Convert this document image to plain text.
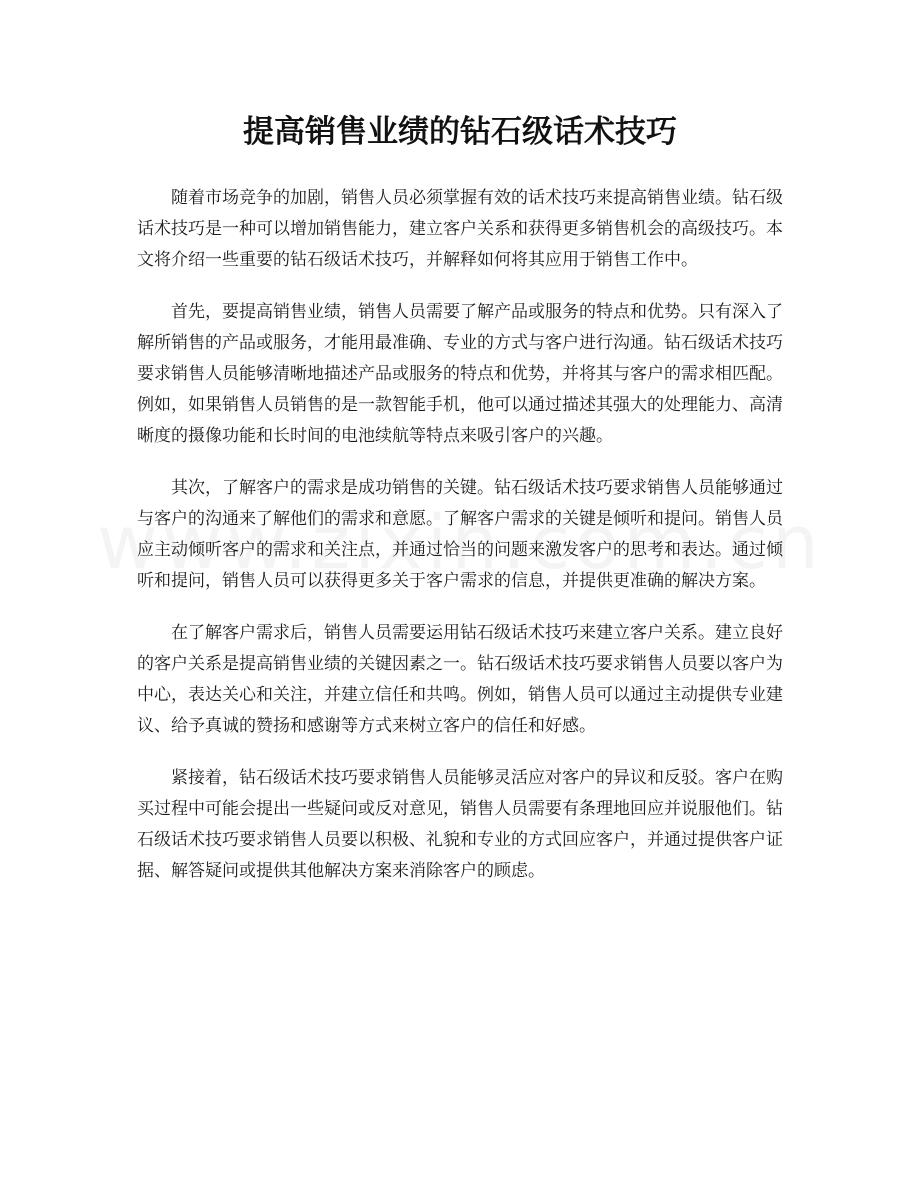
提高销售业绩的钻石级话术技巧

随着市场竞争的加剧，销售人员必须掌握有效的话术技巧来提高销售业绩。钻石级话术技巧是一种可以增加销售能力，建立客户关系和获得更多销售机会的高级技巧。本文将介绍一些重要的钻石级话术技巧，并解释如何将其应用于销售工作中。

首先，要提高销售业绩，销售人员需要了解产品或服务的特点和优势。只有深入了解所销售的产品或服务，才能用最准确、专业的方式与客户进行沟通。钻石级话术技巧要求销售人员能够清晰地描述产品或服务的特点和优势，并将其与客户的需求相匹配。例如，如果销售人员销售的是一款智能手机，他可以通过描述其强大的处理能力、高清晰度的摄像功能和长时间的电池续航等特点来吸引客户的兴趣。

其次，了解客户的需求是成功销售的关键。钻石级话术技巧要求销售人员能够通过与客户的沟通来了解他们的需求和意愿。了解客户需求的关键是倾听和提问。销售人员应主动倾听客户的需求和关注点，并通过恰当的问题来激发客户的思考和表达。通过倾听和提问，销售人员可以获得更多关于客户需求的信息，并提供更准确的解决方案。

在了解客户需求后，销售人员需要运用钻石级话术技巧来建立客户关系。建立良好的客户关系是提高销售业绩的关键因素之一。钻石级话术技巧要求销售人员要以客户为中心，表达关心和关注，并建立信任和共鸣。例如，销售人员可以通过主动提供专业建议、给予真诚的赞扬和感谢等方式来树立客户的信任和好感。

紧接着，钻石级话术技巧要求销售人员能够灵活应对客户的异议和反驳。客户在购买过程中可能会提出一些疑问或反对意见，销售人员需要有条理地回应并说服他们。钻石级话术技巧要求销售人员要以积极、礼貌和专业的方式回应客户，并通过提供客户证据、解答疑问或提供其他解决方案来消除客户的顾虑。
